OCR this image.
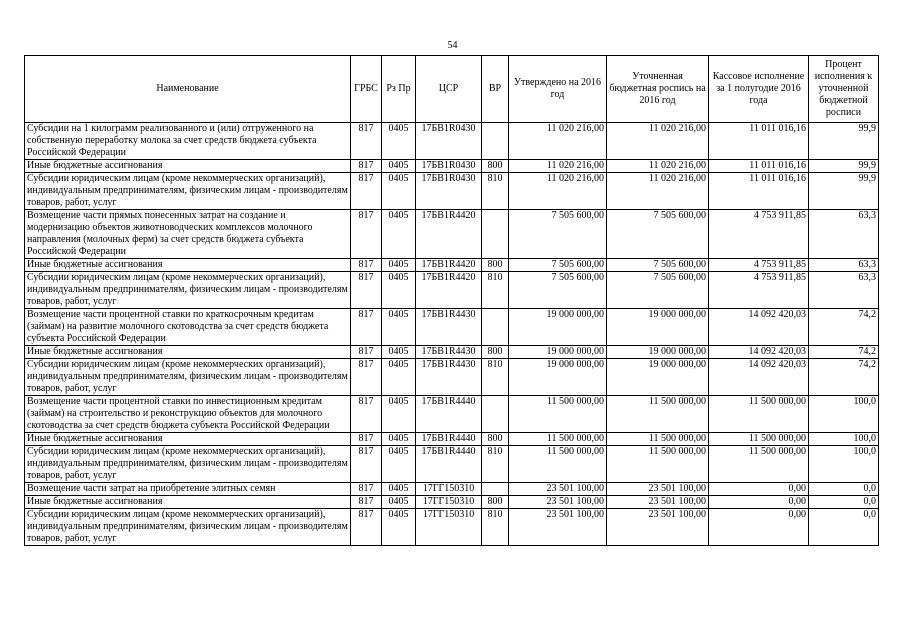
54
Наименование	ГРБС	Рз Пр	ЦСР	ВР	Утверждено на 2016 год	Уточненная бюджетная роспись на 2016 год	Кассовое исполнение за 1 полугодие 2016 года	Процент исполнения к уточненной бюджетной росписи
Субсидии на 1 килограмм реализованного и (или) отгруженного на собственную переработку молока за счет средств бюджета субъекта Российской Федерации	817	0405	17БВ1R0430		11 020 216,00	11 020 216,00	11 011 016,16	99,9
Иные бюджетные ассигнования	817	0405	17БВ1R0430	800	11 020 216,00	11 020 216,00	11 011 016,16	99,9
Субсидии юридическим лицам (кроме некоммерческих организаций), индивидуальным предпринимателям, физическим лицам - производителям товаров, работ, услуг	817	0405	17БВ1R0430	810	11 020 216,00	11 020 216,00	11 011 016,16	99,9
Возмещение части прямых понесенных затрат на создание и модернизацию объектов животноводческих комплексов молочного направления (молочных ферм) за счет средств бюджета субъекта Российской Федерации	817	0405	17БВ1R4420		7 505 600,00	7 505 600,00	4 753 911,85	63,3
Иные бюджетные ассигнования	817	0405	17БВ1R4420	800	7 505 600,00	7 505 600,00	4 753 911,85	63,3
Субсидии юридическим лицам (кроме некоммерческих организаций), индивидуальным предпринимателям, физическим лицам - производителям товаров, работ, услуг	817	0405	17БВ1R4420	810	7 505 600,00	7 505 600,00	4 753 911,85	63,3
Возмещение части процентной ставки по краткосрочным кредитам (займам) на развитие молочного скотоводства за счет средств бюджета субъекта Российской Федерации	817	0405	17БВ1R4430		19 000 000,00	19 000 000,00	14 092 420,03	74,2
Иные бюджетные ассигнования	817	0405	17БВ1R4430	800	19 000 000,00	19 000 000,00	14 092 420,03	74,2
Субсидии юридическим лицам (кроме некоммерческих организаций), индивидуальным предпринимателям, физическим лицам - производителям товаров, работ, услуг	817	0405	17БВ1R4430	810	19 000 000,00	19 000 000,00	14 092 420,03	74,2
Возмещение части процентной ставки по инвестиционным кредитам (займам) на строительство и реконструкцию объектов для молочного скотоводства за счет средств бюджета субъекта Российской Федерации	817	0405	17БВ1R4440		11 500 000,00	11 500 000,00	11 500 000,00	100,0
Иные бюджетные ассигнования	817	0405	17БВ1R4440	800	11 500 000,00	11 500 000,00	11 500 000,00	100,0
Субсидии юридическим лицам (кроме некоммерческих организаций), индивидуальным предпринимателям, физическим лицам - производителям товаров, работ, услуг	817	0405	17БВ1R4440	810	11 500 000,00	11 500 000,00	11 500 000,00	100,0
Возмещение части затрат на приобретение элитных семян	817	0405	17ГГ150310		23 501 100,00	23 501 100,00	0,00	0,0
Иные бюджетные ассигнования	817	0405	17ГГ150310	800	23 501 100,00	23 501 100,00	0,00	0,0
Субсидии юридическим лицам (кроме некоммерческих организаций), индивидуальным предпринимателям, физическим лицам - производителям товаров, работ, услуг	817	0405	17ГГ150310	810	23 501 100,00	23 501 100,00	0,00	0,0
